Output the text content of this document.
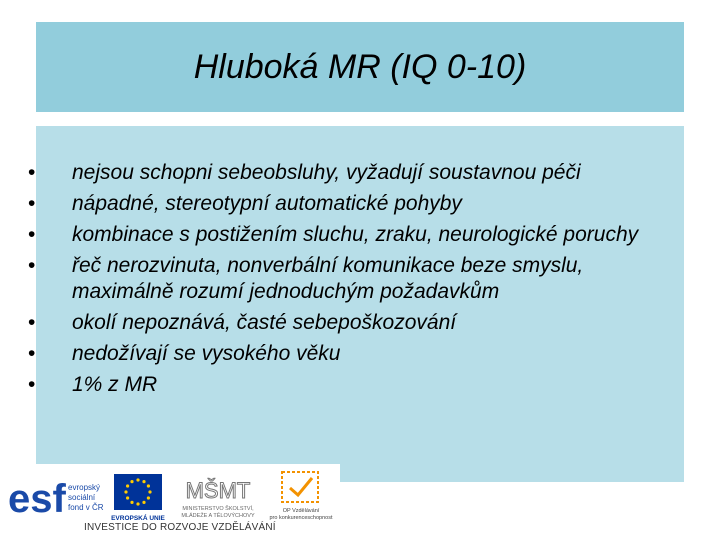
Hluboká MR (IQ 0-10)
• nejsou schopni sebeobsluhy, vyžadují soustavnou péči
• nápadné, stereotypní automatické pohyby
• kombinace s postižením sluchu, zraku, neurologické poruchy
• řeč nerozvinuta, nonverbální komunikace beze smyslu, maximálně rozumí jednoduchým požadavkům
• okolí nepoznává, časté sebepoškozování
• nedožívají se vysokého věku
• 1% z MR
esf evropský
sociální
fond v ČR
EVROPSKÁ UNIE
MŠMT
MINISTERSTVO ŠKOLSTVÍ,
MLÁDEŽE A TĚLOVÝCHOVY
OP Vzdělávání
pro konkurenceschopnost
INVESTICE DO ROZVOJE VZDĚLÁVÁNÍ
